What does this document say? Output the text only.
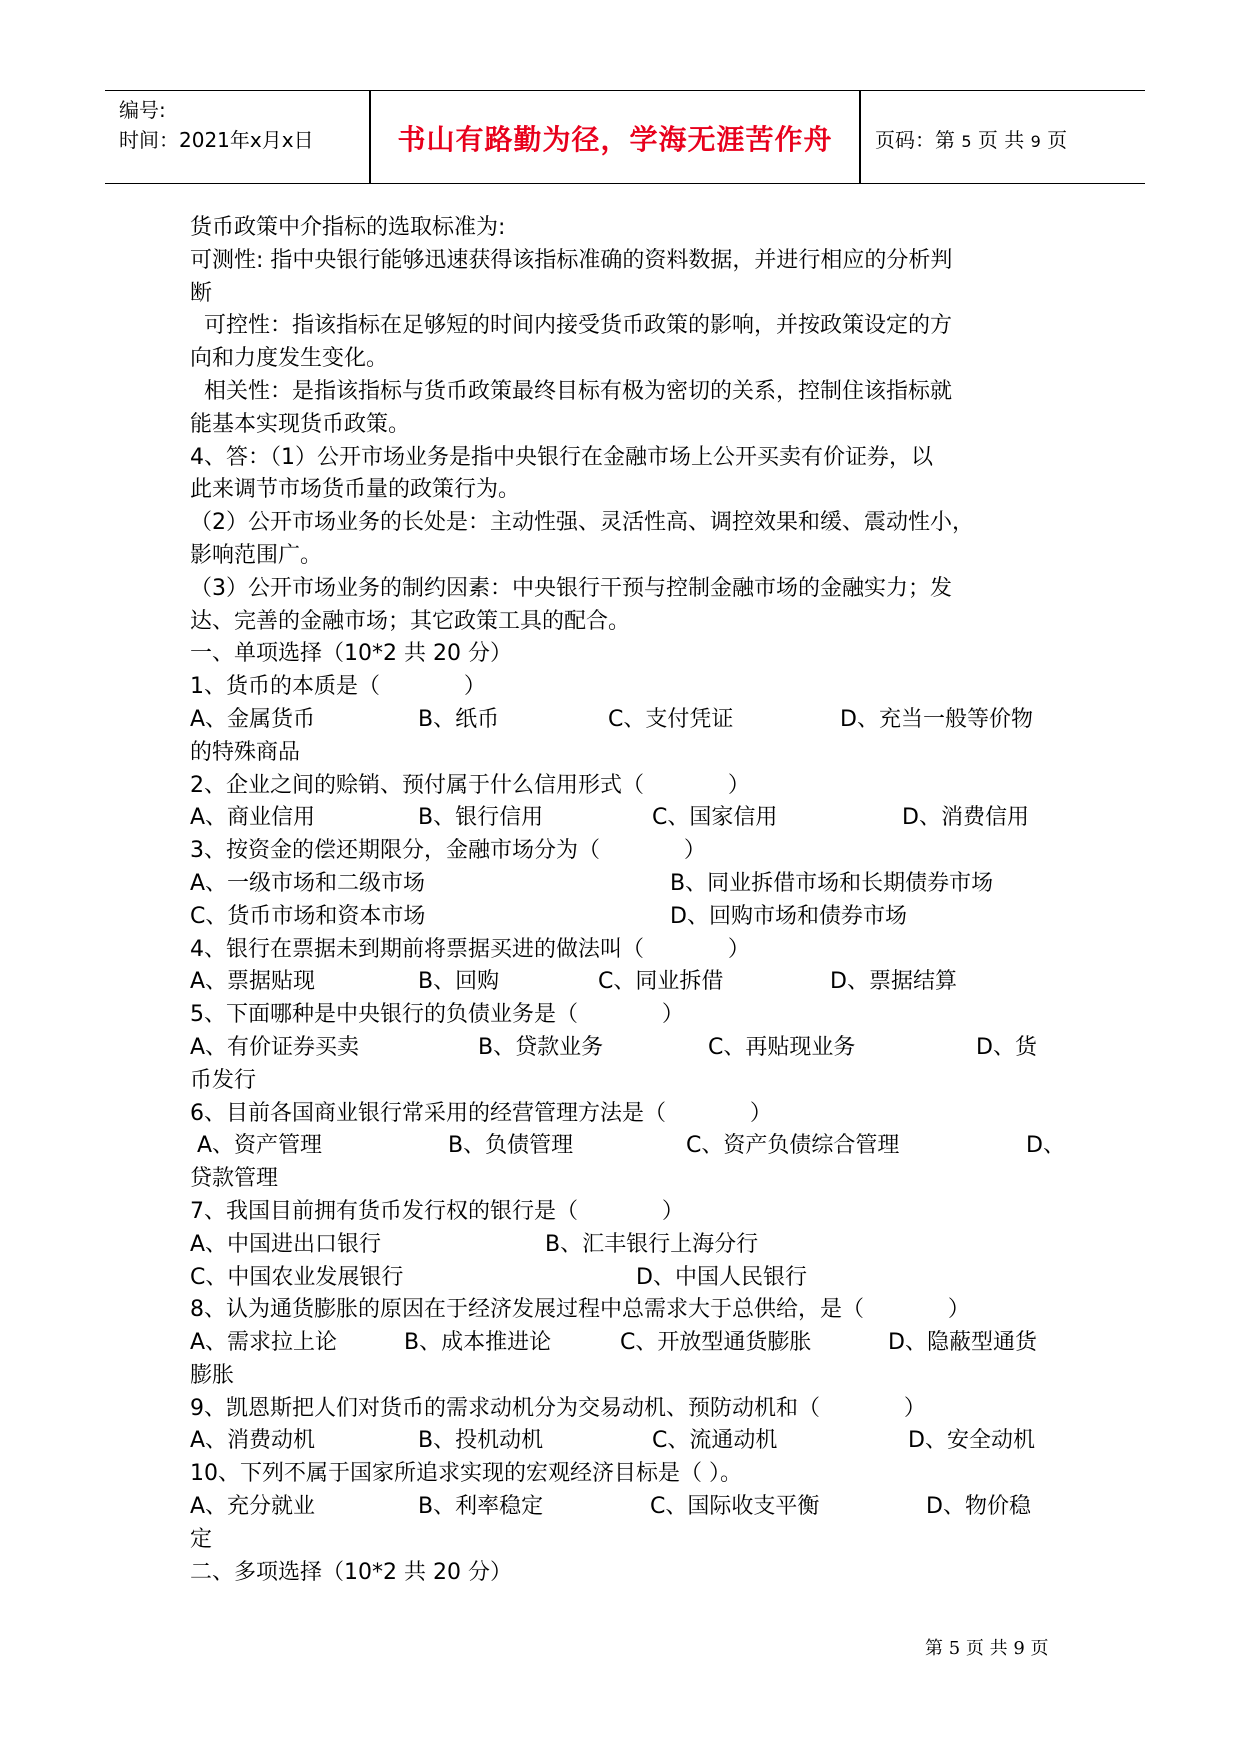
编号:
时间：2021年x月x日	书山有路勤为径，学海无涯苦作舟	页码：第 5 页 共 9 页
货币政策中介指标的选取标准为:
可测性: 指中央银行能够迅速获得该指标准确的资料数据，并进行相应的分析判
断
可控性：指该指标在足够短的时间内接受货币政策的影响，并按政策设定的方
向和力度发生变化。
相关性：是指该指标与货币政策最终目标有极为密切的关系，控制住该指标就
能基本实现货币政策。
4、答：（1）公开市场业务是指中央银行在金融市场上公开买卖有价证券，以
此来调节市场货币量的政策行为。
（2）公开市场业务的长处是：主动性强、灵活性高、调控效果和缓、震动性小，
影响范围广。
（3）公开市场业务的制约因素：中央银行干预与控制金融市场的金融实力；发
达、完善的金融市场；其它政策工具的配合。
一、单项选择（10*2 共 20 分）
1、货币的本质是（            ）
A、金属货币	B、纸币	C、支付凭证	D、充当一般等价物
的特殊商品
2、企业之间的赊销、预付属于什么信用形式（            ）
A、商业信用	B、银行信用	C、国家信用	D、消费信用
3、按资金的偿还期限分，金融市场分为（            ）
A、一级市场和二级市场	B、同业拆借市场和长期债券市场
C、货币市场和资本市场	D、回购市场和债券市场
4、银行在票据未到期前将票据买进的做法叫（            ）
A、票据贴现	B、回购	C、同业拆借	D、票据结算
5、下面哪种是中央银行的负债业务是（            ）
A、有价证券买卖	B、贷款业务	C、再贴现业务	D、货
币发行
6、目前各国商业银行常采用的经营管理方法是（            ）
A、资产管理	B、负债管理	C、资产负债综合管理	D、
贷款管理
7、我国目前拥有货币发行权的银行是（            ）
A、中国进出口银行	B、汇丰银行上海分行
C、中国农业发展银行	D、中国人民银行
8、认为通货膨胀的原因在于经济发展过程中总需求大于总供给，是（            ）
A、需求拉上论	B、成本推进论	C、开放型通货膨胀	D、隐蔽型通货
膨胀
9、凯恩斯把人们对货币的需求动机分为交易动机、预防动机和（            ）
A、消费动机	B、投机动机	C、流通动机	D、安全动机
10、下列不属于国家所追求实现的宏观经济目标是（ ）。
A、充分就业	B、利率稳定	C、国际收支平衡	D、物价稳
定
二、多项选择（10*2 共 20 分）
第 5 页 共 9 页
